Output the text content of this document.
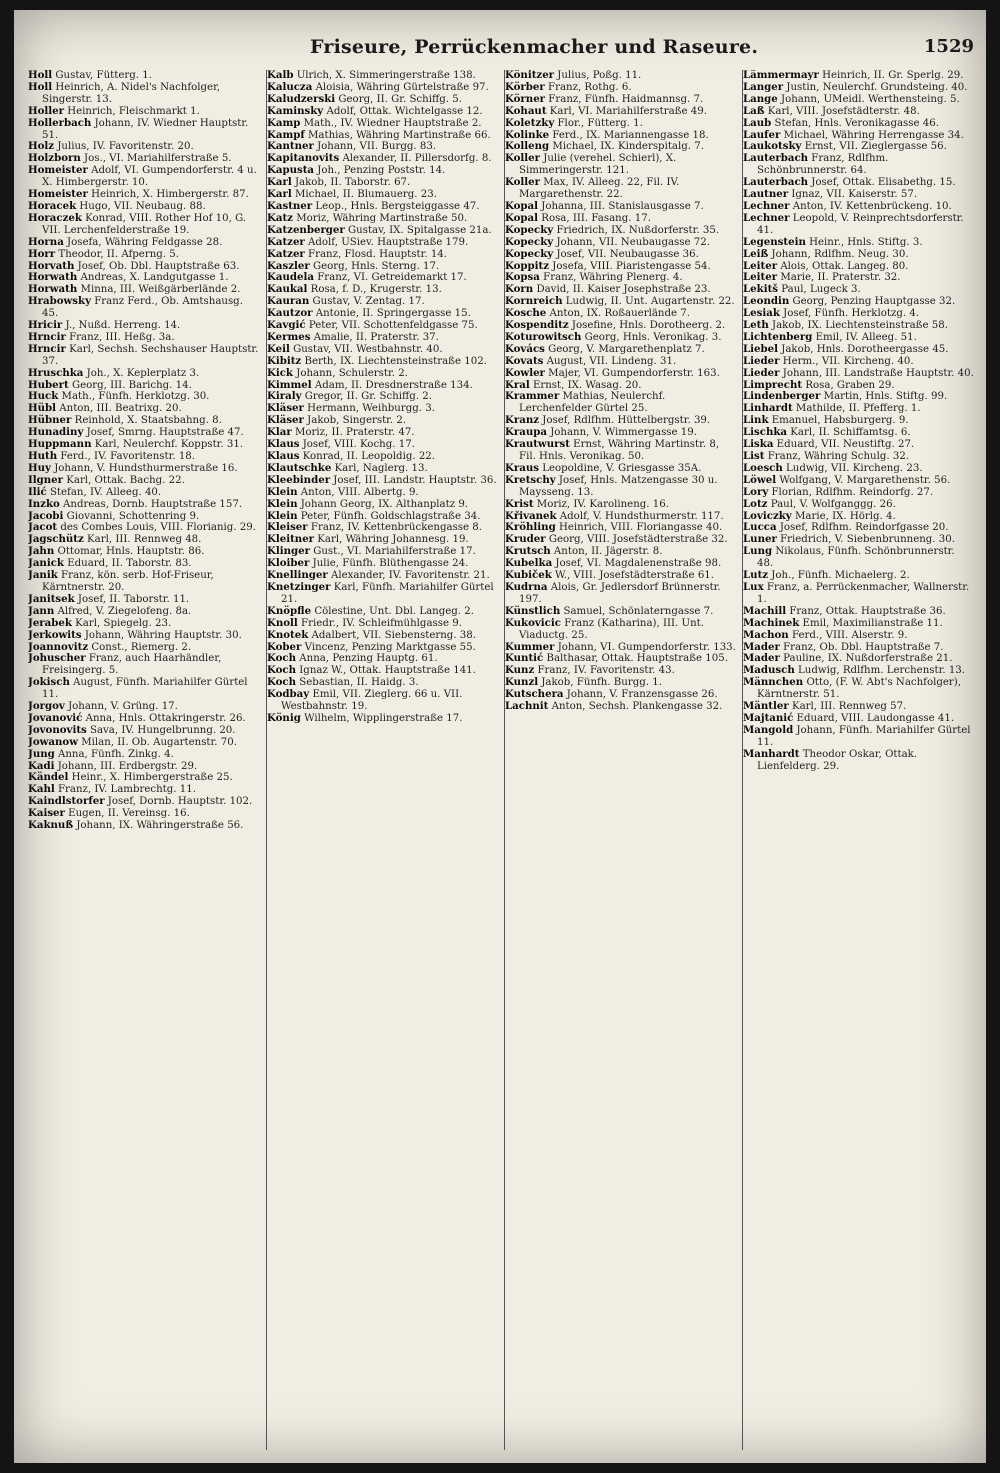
Friseure, Perrückenmacher und Raseure.	1529
Holl Gustav, Fütterg. 1.
Holl Heinrich, A. Nidel's Nachfolger, Singerstr. 13.
Holler Heinrich, Fleischmarkt 1.
Hollerbach Johann, IV. Wiedner Hauptstr. 51.
Holz Julius, IV. Favoritenstr. 20.
Holzborn Jos., VI. Mariahilferstraße 5.
Homeister Adolf, VI. Gumpendorferstr. 4 u. X. Himbergerstr. 10.
Homeister Heinrich, X. Himbergerstr. 87.
Horacek Hugo, VII. Neubaug. 88.
Horaczek Konrad, VIII. Rother Hof 10, G. VII. Lerchenfelderstraße 19.
Horna Josefa, Währing Feldgasse 28.
Horr Theodor, II. Afperng. 5.
Horvath Josef, Ob. Dbl. Hauptstraße 63.
Horwath Andreas, X. Landgutgasse 1.
Horwath Minna, III. Weißgärberlände 2.
Hrabowsky Franz Ferd., Ob. Amtshausg. 45.
Hricir J., Nußd. Herreng. 14.
Hrncir Franz, III. Heßg. 3a.
Hrncir Karl, Sechsh. Sechshauser Hauptstr. 37.
Hruschka Joh., X. Keplerplatz 3.
Hubert Georg, III. Barichg. 14.
Huck Math., Fünfh. Herklotzg. 30.
Hübl Anton, III. Beatrixg. 20.
Hübner Reinhold, X. Staatsbahng. 8.
Hunadiny Josef, Smrng. Hauptstraße 47.
Huppmann Karl, Neulerchf. Koppstr. 31.
Huth Ferd., IV. Favoritenstr. 18.
Huy Johann, V. Hundsthurmerstraße 16.
Ilgner Karl, Ottak. Bachg. 22.
Ilić Stefan, IV. Alleeg. 40.
Inzko Andreas, Dornb. Hauptstraße 157.
Jacobi Giovanni, Schottenring 9.
Jacot des Combes Louis, VIII. Florianig. 29.
Jagschütz Karl, III. Rennweg 48.
Jahn Ottomar, Hnls. Hauptstr. 86.
Janick Eduard, II. Taborstr. 83.
Janik Franz, kön. serb. Hof-Friseur, Kärntnerstr. 20.
Janitsek Josef, II. Taborstr. 11.
Jann Alfred, V. Ziegelofeng. 8a.
Jerabek Karl, Spiegelg. 23.
Jerkowits Johann, Währing Hauptstr. 30.
Joannovitz Const., Riemerg. 2.
Johuscher Franz, auch Haarhändler, Freisingerg. 5.
Jokisch August, Fünfh. Mariahilfer Gürtel 11.
Jorgov Johann, V. Grüng. 17.
Jovanović Anna, Hnls. Ottakringerstr. 26.
Jovonovits Sava, IV. Hungelbrunng. 20.
Jowanow Milan, II. Ob. Augartenstr. 70.
Jung Anna, Fünfh. Zinkg. 4.
Kadi Johann, III. Erdbergstr. 29.
Kändel Heinr., X. Himbergerstraße 25.
Kahl Franz, IV. Lambrechtg. 11.
Kaindlstorfer Josef, Dornb. Hauptstr. 102.
Kaiser Eugen, II. Vereinsg. 16.
Kaknuß Johann, IX. Währingerstraße 56.
Kalb Ulrich, X. Simmeringerstraße 138.
Kalucza Aloisia, Währing Gürtelstraße 97.
Kaludzerski Georg, II. Gr. Schiffg. 5.
Kaminsky Adolf, Ottak. Wichtelgasse 12.
Kamp Math., IV. Wiedner Hauptstraße 2.
Kampf Mathias, Währing Martinstraße 66.
Kantner Johann, VII. Burgg. 83.
Kapitanovits Alexander, II. Pillersdorfg. 8.
Kapusta Joh., Penzing Poststr. 14.
Karl Jakob, II. Taborstr. 67.
Karl Michael, II. Blumauerg. 23.
Kastner Leop., Hnls. Bergsteiggasse 47.
Katz Moriz, Währing Martinstraße 50.
Katzenberger Gustav, IX. Spitalgasse 21a.
Katzer Adolf, USiev. Hauptstraße 179.
Katzer Franz, Flosd. Hauptstr. 14.
Kaszler Georg, Hnls. Sterng. 17.
Kaudela Franz, VI. Getreidemarkt 17.
Kaukal Rosa, f. D., Krugerstr. 13.
Kauran Gustav, V. Zentag. 17.
Kautzor Antonie, II. Springergasse 15.
Kavgić Peter, VII. Schottenfeldgasse 75.
Kermes Amalie, II. Praterstr. 37.
Keil Gustav, VII. Westbahnstr. 40.
Kibitz Berth, IX. Liechtensteinstraße 102.
Kick Johann, Schulerstr. 2.
Kimmel Adam, II. Dresdnerstraße 134.
Kiraly Gregor, II. Gr. Schiffg. 2.
Kläser Hermann, Weihburgg. 3.
Kläser Jakob, Singerstr. 2.
Klar Moriz, II. Praterstr. 47.
Klaus Josef, VIII. Kochg. 17.
Klaus Konrad, II. Leopoldig. 22.
Klautschke Karl, Naglerg. 13.
Kleebinder Josef, III. Landstr. Hauptstr. 36.
Klein Anton, VIII. Albertg. 9.
Klein Johann Georg, IX. Althanplatz 9.
Klein Peter, Fünfh. Goldschlagstraße 34.
Kleiser Franz, IV. Kettenbrückengasse 8.
Kleitner Karl, Währing Johannesg. 19.
Klinger Gust., VI. Mariahilferstraße 17.
Kloiber Julie, Fünfh. Blüthengasse 24.
Knellinger Alexander, IV. Favoritenstr. 21.
Knetzinger Karl, Fünfh. Mariahilfer Gürtel 21.
Knöpfle Cölestine, Unt. Dbl. Langeg. 2.
Knoll Friedr., IV. Schleifmühlgasse 9.
Knotek Adalbert, VII. Siebensterng. 38.
Kober Vincenz, Penzing Marktgasse 55.
Koch Anna, Penzing Hauptg. 61.
Koch Ignaz W., Ottak. Hauptstraße 141.
Koch Sebastian, II. Haidg. 3.
Kodbay Emil, VII. Zieglerg. 66 u. VII. Westbahnstr. 19.
König Wilhelm, Wipplingerstraße 17.
Könitzer Julius, Poßg. 11.
Körber Franz, Rothg. 6.
Körner Franz, Fünfh. Haidmannsg. 7.
Kohaut Karl, VI. Mariahilferstraße 49.
Koletzky Flor., Fütterg. 1.
Kolinke Ferd., IX. Mariannengasse 18.
Kolleng Michael, IX. Kinderspitalg. 7.
Koller Julie (verehel. Schierl), X. Simmeringerstr. 121.
Koller Max, IV. Alleeg. 22, Fil. IV. Margarethenstr. 22.
Kopal Johanna, III. Stanislausgasse 7.
Kopal Rosa, III. Fasang. 17.
Kopecky Friedrich, IX. Nußdorferstr. 35.
Kopecky Johann, VII. Neubaugasse 72.
Kopecky Josef, VII. Neubaugasse 36.
Koppitz Josefa, VIII. Piaristengasse 54.
Kopsa Franz, Währing Plenerg. 4.
Korn David, II. Kaiser Josephstraße 23.
Kornreich Ludwig, II. Unt. Augartenstr. 22.
Kosche Anton, IX. Roßauerlände 7.
Kospenditz Josefine, Hnls. Dorotheerg. 2.
Koturowitsch Georg, Hnls. Veronikag. 3.
Kovács Georg, V. Margarethenplatz 7.
Kovats August, VII. Lindeng. 31.
Kowler Majer, VI. Gumpendorferstr. 163.
Kral Ernst, IX. Wasag. 20.
Krammer Mathias, Neulerchf. Lerchenfelder Gürtel 25.
Kranz Josef, Rdlfhm. Hüttelbergstr. 39.
Kraupa Johann, V. Wimmergasse 19.
Krautwurst Ernst, Währing Martinstr. 8, Fil. Hnls. Veronikag. 50.
Kraus Leopoldine, V. Griesgasse 35A.
Kretschy Josef, Hnls. Matzengasse 30 u. Maysseng. 13.
Krist Moriz, IV. Karolineng. 16.
Křivanek Adolf, V. Hundsthurmerstr. 117.
Kröhling Heinrich, VIII. Floriangasse 40.
Kruder Georg, VIII. Josefstädterstraße 32.
Krutsch Anton, II. Jägerstr. 8.
Kubelka Josef, VI. Magdalenenstraße 98.
Kubiček W., VIII. Josefstädterstraße 61.
Kudrna Alois, Gr. Jedlersdorf Brünnerstr. 197.
Künstlich Samuel, Schönlaterngasse 7.
Kukovicic Franz (Katharina), III. Unt. Viaductg. 25.
Kummer Johann, VI. Gumpendorferstr. 133.
Kuntić Balthasar, Ottak. Hauptstraße 105.
Kunz Franz, IV. Favoritenstr. 43.
Kunzl Jakob, Fünfh. Burgg. 1.
Kutscherа Johann, V. Franzensgasse 26.
Lachnit Anton, Sechsh. Plankengasse 32.
Lämmermayr Heinrich, II. Gr. Sperlg. 29.
Langer Justin, Neulerchf. Grundsteing. 40.
Lange Johann, UMeidl. Werthensteing. 5.
Laß Karl, VIII. Josefstädterstr. 48.
Laub Stefan, Hnls. Veronikagasse 46.
Laufer Michael, Währing Herrengasse 34.
Laukotsky Ernst, VII. Zieglergasse 56.
Lauterbach Franz, Rdlfhm. Schönbrunnerstr. 64.
Lauterbach Josef, Ottak. Elisabethg. 15.
Lautner Ignaz, VII. Kaiserstr. 57.
Lechner Anton, IV. Kettenbrückeng. 10.
Lechner Leopold, V. Reinprechtsdorferstr. 41.
Legenstein Heinr., Hnls. Stiftg. 3.
Leiß Johann, Rdlfhm. Neug. 30.
Leiter Alois, Ottak. Langeg. 80.
Leiter Marie, II. Praterstr. 32.
Lekitš Paul, Lugeck 3.
Leondin Georg, Penzing Hauptgasse 32.
Lesiak Josef, Fünfh. Herklotzg. 4.
Leth Jakob, IX. Liechtensteinstraße 58.
Lichtenberg Emil, IV. Alleeg. 51.
Liebel Jakob, Hnls. Dorotheergasse 45.
Lieder Herm., VII. Kircheng. 40.
Lieder Johann, III. Landstraße Hauptstr. 40.
Limprecht Rosa, Graben 29.
Lindenberger Martin, Hnls. Stiftg. 99.
Linhardt Mathilde, II. Pfefferg. 1.
Link Emanuel, Habsburgerg. 9.
Lischka Karl, II. Schiffamtsg. 6.
Liska Eduard, VII. Neustiftg. 27.
List Franz, Währing Schulg. 32.
Loesch Ludwig, VII. Kircheng. 23.
Löwel Wolfgang, V. Margarethenstr. 56.
Lory Florian, Rdlfhm. Reindorfg. 27.
Lotz Paul, V. Wolfganggg. 26.
Loviczky Marie, IX. Hörlg. 4.
Lucca Josef, Rdlfhm. Reindorfgasse 20.
Luner Friedrich, V. Siebenbrunneng. 30.
Lung Nikolaus, Fünfh. Schönbrunnerstr. 48.
Lutz Joh., Fünfh. Michaelerg. 2.
Lux Franz, a. Perrückenmacher, Wallnerstr. 1.
Machill Franz, Ottak. Hauptstraße 36.
Machinek Emil, Maximilianstraße 11.
Machon Ferd., VIII. Alserstr. 9.
Mader Franz, Ob. Dbl. Hauptstraße 7.
Mader Pauline, IX. Nußdorferstraße 21.
Madusch Ludwig, Rdlfhm. Lerchenstr. 13.
Männchen Otto, (F. W. Abt's Nachfolger), Kärntnerstr. 51.
Mäntler Karl, III. Rennweg 57.
Majtanić Eduard, VIII. Laudongasse 41.
Mangold Johann, Fünfh. Mariahilfer Gürtel 11.
Manhardt Theodor Oskar, Ottak. Lienfelderg. 29.
